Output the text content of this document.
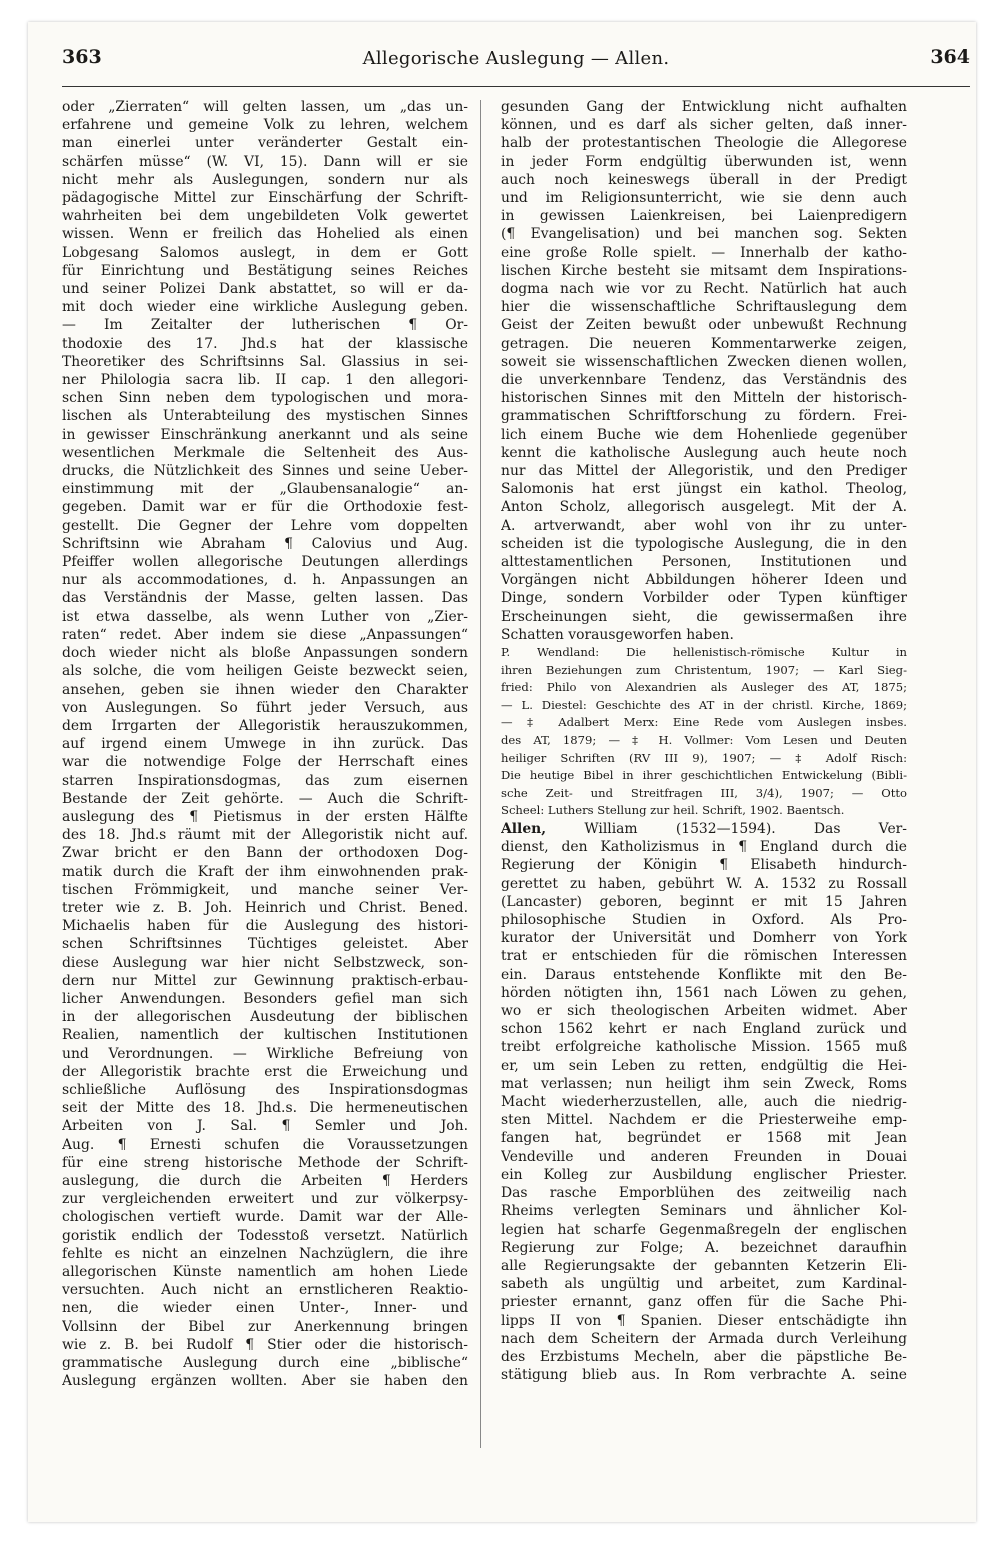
363	Allegorische Auslegung — Allen.	364
oder „Zierraten“ will gelten lassen, um „das un-
erfahrene und gemeine Volk zu lehren, welchem
man einerlei unter veränderter Gestalt ein-
schärfen müsse“ (W. VI, 15). Dann will er sie
nicht mehr als Auslegungen, sondern nur als
pädagogische Mittel zur Einschärfung der Schrift-
wahrheiten bei dem ungebildeten Volk gewertet
wissen. Wenn er freilich das Hohelied als einen
Lobgesang Salomos auslegt, in dem er Gott
für Einrichtung und Bestätigung seines Reiches
und seiner Polizei Dank abstattet, so will er da-
mit doch wieder eine wirkliche Auslegung geben.
— Im Zeitalter der lutherischen ¶ Or-
thodoxie des 17. Jhd.s hat der klassische
Theoretiker des Schriftsinns Sal. Glassius in sei-
ner Philologia sacra lib. II cap. 1 den allegori-
schen Sinn neben dem typologischen und mora-
lischen als Unterabteilung des mystischen Sinnes
in gewisser Einschränkung anerkannt und als seine
wesentlichen Merkmale die Seltenheit des Aus-
drucks, die Nützlichkeit des Sinnes und seine Ueber-
einstimmung mit der „Glaubensanalogie“ an-
gegeben. Damit war er für die Orthodoxie fest-
gestellt. Die Gegner der Lehre vom doppelten
Schriftsinn wie Abraham ¶ Calovius und Aug.
Pfeiffer wollen allegorische Deutungen allerdings
nur als accommodationes, d. h. Anpassungen an
das Verständnis der Masse, gelten lassen. Das
ist etwa dasselbe, als wenn Luther von „Zier-
raten“ redet. Aber indem sie diese „Anpassungen“
doch wieder nicht als bloße Anpassungen sondern
als solche, die vom heiligen Geiste bezweckt seien,
ansehen, geben sie ihnen wieder den Charakter
von Auslegungen. So führt jeder Versuch, aus
dem Irrgarten der Allegoristik herauszukommen,
auf irgend einem Umwege in ihn zurück. Das
war die notwendige Folge der Herrschaft eines
starren Inspirationsdogmas, das zum eisernen
Bestande der Zeit gehörte. — Auch die Schrift-
auslegung des ¶ Pietismus in der ersten Hälfte
des 18. Jhd.s räumt mit der Allegoristik nicht auf.
Zwar bricht er den Bann der orthodoxen Dog-
matik durch die Kraft der ihm einwohnenden prak-
tischen Frömmigkeit, und manche seiner Ver-
treter wie z. B. Joh. Heinrich und Christ. Bened.
Michaelis haben für die Auslegung des histori-
schen Schriftsinnes Tüchtiges geleistet. Aber
diese Auslegung war hier nicht Selbstzweck, son-
dern nur Mittel zur Gewinnung praktisch-erbau-
licher Anwendungen. Besonders gefiel man sich
in der allegorischen Ausdeutung der biblischen
Realien, namentlich der kultischen Institutionen
und Verordnungen. — Wirkliche Befreiung von
der Allegoristik brachte erst die Erweichung und
schließliche Auflösung des Inspirationsdogmas
seit der Mitte des 18. Jhd.s. Die hermeneutischen
Arbeiten von J. Sal. ¶ Semler und Joh.
Aug. ¶ Ernesti schufen die Voraussetzungen
für eine streng historische Methode der Schrift-
auslegung, die durch die Arbeiten ¶ Herders
zur vergleichenden erweitert und zur völkerpsy-
chologischen vertieft wurde. Damit war der Alle-
goristik endlich der Todesstoß versetzt. Natürlich
fehlte es nicht an einzelnen Nachzüglern, die ihre
allegorischen Künste namentlich am hohen Liede
versuchten. Auch nicht an ernstlicheren Reaktio-
nen, die wieder einen Unter-, Inner- und
Vollsinn der Bibel zur Anerkennung bringen
wie z. B. bei Rudolf ¶ Stier oder die historisch-
grammatische Auslegung durch eine „biblische“
Auslegung ergänzen wollten. Aber sie haben den
gesunden Gang der Entwicklung nicht aufhalten
können, und es darf als sicher gelten, daß inner-
halb der protestantischen Theologie die Allegorese
in jeder Form endgültig überwunden ist, wenn
auch noch keineswegs überall in der Predigt
und im Religionsunterricht, wie sie denn auch
in gewissen Laienkreisen, bei Laienpredigern
(¶ Evangelisation) und bei manchen sog. Sekten
eine große Rolle spielt. — Innerhalb der katho-
lischen Kirche besteht sie mitsamt dem Inspirations-
dogma nach wie vor zu Recht. Natürlich hat auch
hier die wissenschaftliche Schriftauslegung dem
Geist der Zeiten bewußt oder unbewußt Rechnung
getragen. Die neueren Kommentarwerke zeigen,
soweit sie wissenschaftlichen Zwecken dienen wollen,
die unverkennbare Tendenz, das Verständnis des
historischen Sinnes mit den Mitteln der historisch-
grammatischen Schriftforschung zu fördern. Frei-
lich einem Buche wie dem Hohenliede gegenüber
kennt die katholische Auslegung auch heute noch
nur das Mittel der Allegoristik, und den Prediger
Salomonis hat erst jüngst ein kathol. Theolog,
Anton Scholz, allegorisch ausgelegt. Mit der A.
A. artverwandt, aber wohl von ihr zu unter-
scheiden ist die typologische Auslegung, die in den
alttestamentlichen Personen, Institutionen und
Vorgängen nicht Abbildungen höherer Ideen und
Dinge, sondern Vorbilder oder Typen künftiger
Erscheinungen sieht, die gewissermaßen ihre
Schatten vorausgeworfen haben.
P. Wendland: Die hellenistisch-römische Kultur in
ihren Beziehungen zum Christentum, 1907; — Karl Sieg-
fried: Philo von Alexandrien als Ausleger des AT, 1875;
— L. Diestel: Geschichte des AT in der christl. Kirche, 1869;
— ‡ Adalbert Merx: Eine Rede vom Auslegen insbes.
des AT, 1879; — ‡ H. Vollmer: Vom Lesen und Deuten
heiliger Schriften (RV III 9), 1907; — ‡ Adolf Risch:
Die heutige Bibel in ihrer geschichtlichen Entwickelung (Bibli-
sche Zeit- und Streitfragen III, 3/4), 1907; — Otto
Scheel: Luthers Stellung zur heil. Schrift, 1902. Baentsch.
Allen, William (1532—1594). Das Ver-
dienst, den Katholizismus in ¶ England durch die
Regierung der Königin ¶ Elisabeth hindurch-
gerettet zu haben, gebührt W. A. 1532 zu Rossall
(Lancaster) geboren, beginnt er mit 15 Jahren
philosophische Studien in Oxford. Als Pro-
kurator der Universität und Domherr von York
trat er entschieden für die römischen Interessen
ein. Daraus entstehende Konflikte mit den Be-
hörden nötigten ihn, 1561 nach Löwen zu gehen,
wo er sich theologischen Arbeiten widmet. Aber
schon 1562 kehrt er nach England zurück und
treibt erfolgreiche katholische Mission. 1565 muß
er, um sein Leben zu retten, endgültig die Hei-
mat verlassen; nun heiligt ihm sein Zweck, Roms
Macht wiederherzustellen, alle, auch die niedrig-
sten Mittel. Nachdem er die Priesterweihe emp-
fangen hat, begründet er 1568 mit Jean
Vendeville und anderen Freunden in Douai
ein Kolleg zur Ausbildung englischer Priester.
Das rasche Emporblühen des zeitweilig nach
Rheims verlegten Seminars und ähnlicher Kol-
legien hat scharfe Gegenmaßregeln der englischen
Regierung zur Folge; A. bezeichnet daraufhin
alle Regierungsakte der gebannten Ketzerin Eli-
sabeth als ungültig und arbeitet, zum Kardinal-
priester ernannt, ganz offen für die Sache Phi-
lipps II von ¶ Spanien. Dieser entschädigte ihn
nach dem Scheitern der Armada durch Verleihung
des Erzbistums Mecheln, aber die päpstliche Be-
stätigung blieb aus. In Rom verbrachte A. seine
